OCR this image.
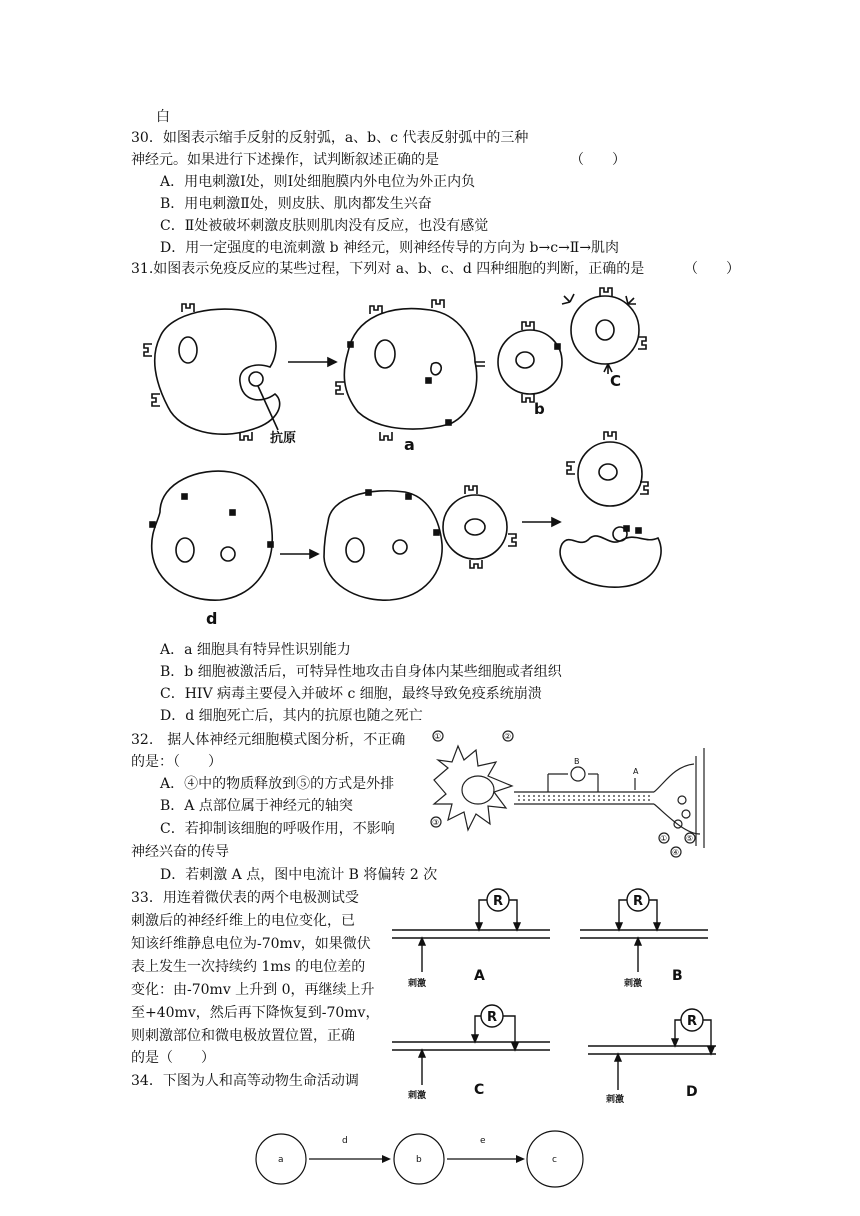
白
30．如图表示缩手反射的反射弧，a、b、c 代表反射弧中的三种
神经元。如果进行下述操作，试判断叙述正确的是	（　　）
A．用电刺激Ⅰ处，则Ⅰ处细胞膜内外电位为外正内负
B．用电刺激Ⅱ处，则皮肤、肌肉都发生兴奋
C．Ⅱ处被破坏刺激皮肤则肌肉没有反应，也没有感觉
D．用一定强度的电流刺激 b 神经元，则神经传导的方向为 b→c→Ⅱ→肌肉
31.如图表示免疫反应的某些过程，下列对 a、b、c、d 四种细胞的判断，正确的是	（　　）
抗原	a
b
C
d
A．a 细胞具有特异性识别能力
B．b 细胞被激活后，可特异性地攻击自身体内某些细胞或者组织
C．HIV 病毒主要侵入并破坏 c 细胞，最终导致免疫系统崩溃
D．d 细胞死亡后，其内的抗原也随之死亡
32.　据人体神经元细胞模式图分析，不正确
的是：（　　）
A．④中的物质释放到⑤的方式是外排
B．A 点部位属于神经元的轴突
C．若抑制该细胞的呼吸作用，不影响
神经兴奋的传导
D．若刺激 A 点，图中电流计 B 将偏转 2 次
B
A
①	②
③
①
④
⑤
33．用连着微伏表的两个电极测试受
刺激后的神经纤维上的电位变化，已
知该纤维静息电位为-70mv，如果微伏
表上发生一次持续约 1ms 的电位差的
变化：由-70mv 上升到 0，再继续上升
至+40mv，然后再下降恢复到-70mv，
则刺激部位和微电极放置位置，正确
的是（　　）
34．下图为人和高等动物生命活动调
R	R
R	R
刺激	刺激
刺激	刺激
A	B
C	D
a	b	c
d	e
